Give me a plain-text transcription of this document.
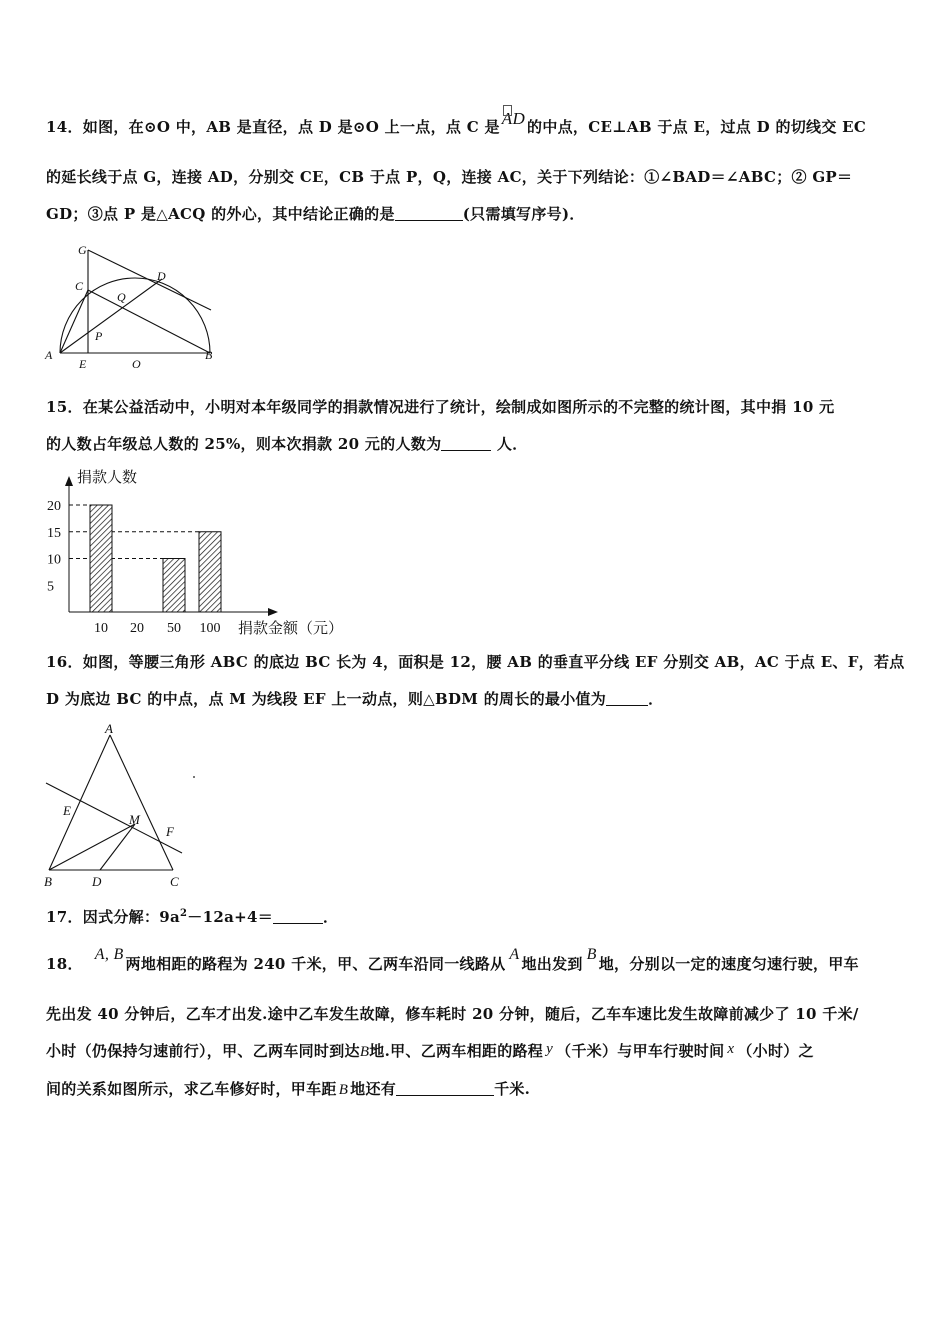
14．如图，在⊙O 中，AB 是直径，点 D 是⊙O 上一点，点 C 是 AD 的中点，CE⊥AB 于点 E，过点 D 的切线交 EC
的延长线于点 G，连接 AD，分别交 CE，CB 于点 P，Q，连接 AC，关于下列结论：①∠BAD＝∠ABC；② GP＝
GD；③点 P 是△ACQ 的外心，其中结论正确的是	(只需填写序号)．
G
D
C
Q
P
A
E	O
B
15．在某公益活动中，小明对本年级同学的捐款情况进行了统计，绘制成如图所示的不完整的统计图，其中捐 10 元
的人数占年级总人数的 25%，则本次捐款 20 元的人数为	人．
20
15
10
5
10 20 50 100
捐款人数
捐款金额（元）
16．如图，等腰三角形 ABC 的底边 BC 长为 4，面积是 12，腰 AB 的垂直平分线 EF 分别交 AB，AC 于点 E、F，若点
D 为底边 BC 的中点，点 M 为线段 EF 上一动点，则△BDM 的周长的最小值为	．
A
E
M
F
B	D	C
17．因式分解：$9a^2-12a+4=$	．
18．A, B两地相距的路程为 240 千米，甲、乙两车沿同一线路从A地出发到B地，分别以一定的速度匀速行驶，甲车
先出发 40 分钟后，乙车才出发.途中乙车发生故障，修车耗时 20 分钟，随后，乙车车速比发生故障前减少了 10 千米/
小时（仍保持匀速前行），甲、乙两车同时到达B地.甲、乙两车相距的路程 y （千米）与甲车行驶时间 x （小时）之
间的关系如图所示，求乙车修好时，甲车距 B 地还有	千米.
